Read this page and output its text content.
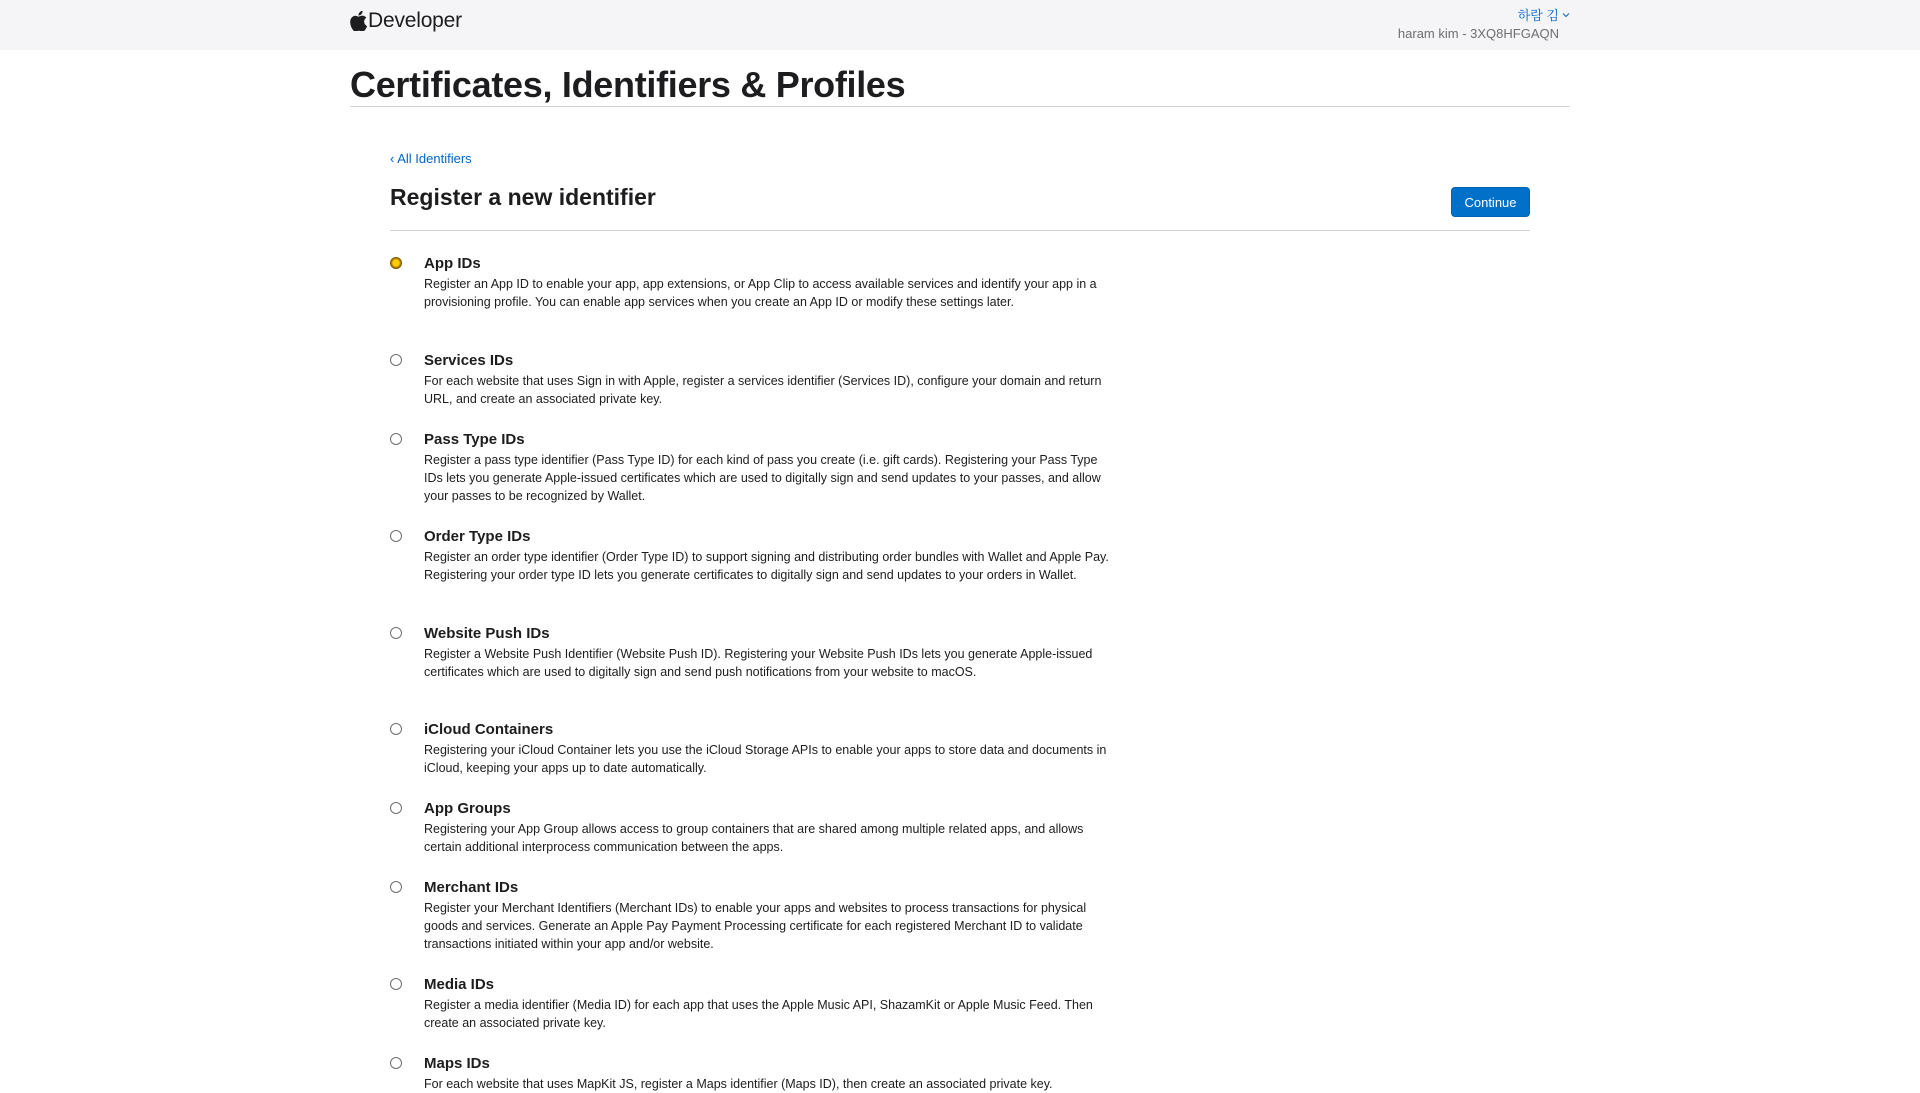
Developer	하람 김
haram kim - 3XQ8HFGAQN
Certificates, Identifiers & Profiles
‹ All Identifiers
Register a new identifier	Continue
App IDs
Register an App ID to enable your app, app extensions, or App Clip to access available services and identify your app in a provisioning profile. You can enable app services when you create an App ID or modify these settings later.
Services IDs
For each website that uses Sign in with Apple, register a services identifier (Services ID), configure your domain and return URL, and create an associated private key.
Pass Type IDs
Register a pass type identifier (Pass Type ID) for each kind of pass you create (i.e. gift cards). Registering your Pass Type IDs lets you generate Apple-issued certificates which are used to digitally sign and send updates to your passes, and allow your passes to be recognized by Wallet.
Order Type IDs
Register an order type identifier (Order Type ID) to support signing and distributing order bundles with Wallet and Apple Pay. Registering your order type ID lets you generate certificates to digitally sign and send updates to your orders in Wallet.
Website Push IDs
Register a Website Push Identifier (Website Push ID). Registering your Website Push IDs lets you generate Apple-issued certificates which are used to digitally sign and send push notifications from your website to macOS.
iCloud Containers
Registering your iCloud Container lets you use the iCloud Storage APIs to enable your apps to store data and documents in iCloud, keeping your apps up to date automatically.
App Groups
Registering your App Group allows access to group containers that are shared among multiple related apps, and allows certain additional interprocess communication between the apps.
Merchant IDs
Register your Merchant Identifiers (Merchant IDs) to enable your apps and websites to process transactions for physical goods and services. Generate an Apple Pay Payment Processing certificate for each registered Merchant ID to validate transactions initiated within your app and/or website.
Media IDs
Register a media identifier (Media ID) for each app that uses the Apple Music API, ShazamKit or Apple Music Feed. Then create an associated private key.
Maps IDs
For each website that uses MapKit JS, register a Maps identifier (Maps ID), then create an associated private key.
